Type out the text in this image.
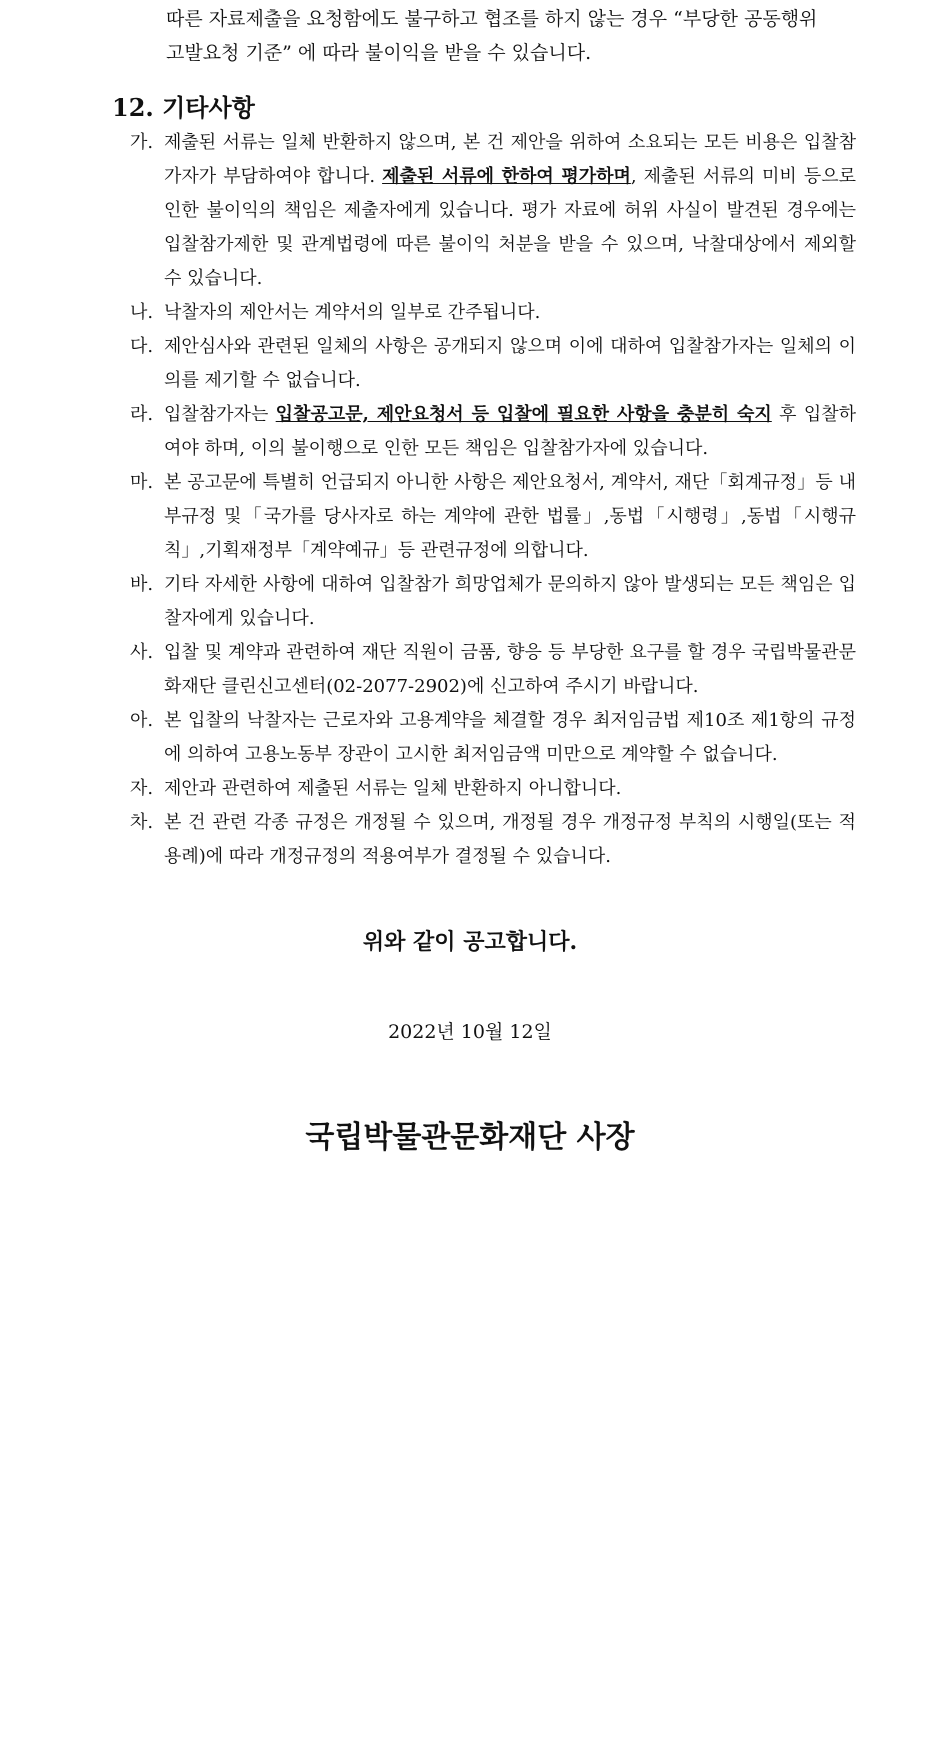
따른 자료제출을 요청함에도 불구하고 협조를 하지 않는 경우 “부당한 공동행위
고발요청 기준” 에 따라 불이익을 받을 수 있습니다.
12. 기타사항
가. 제출된 서류는 일체 반환하지 않으며, 본 건 제안을 위하여 소요되는 모든 비용은 입찰참가자가 부담하여야 합니다. 제출된 서류에 한하여 평가하며, 제출된 서류의 미비 등으로 인한 불이익의 책임은 제출자에게 있습니다. 평가 자료에 허위 사실이 발견된 경우에는 입찰참가제한 및 관계법령에 따른 불이익 처분을 받을 수 있으며, 낙찰대상에서 제외할 수 있습니다.
나. 낙찰자의 제안서는 계약서의 일부로 간주됩니다.
다. 제안심사와 관련된 일체의 사항은 공개되지 않으며 이에 대하여 입찰참가자는 일체의 이의를 제기할 수 없습니다.
라. 입찰참가자는 입찰공고문, 제안요청서 등 입찰에 필요한 사항을 충분히 숙지 후 입찰하여야 하며, 이의 불이행으로 인한 모든 책임은 입찰참가자에 있습니다.
마. 본 공고문에 특별히 언급되지 아니한 사항은 제안요청서, 계약서, 재단「회계규정」등 내부규정 및「국가를 당사자로 하는 계약에 관한 법률」,동법「시행령」,동법「시행규칙」,기획재정부「계약예규」등 관련규정에 의합니다.
바. 기타 자세한 사항에 대하여 입찰참가 희망업체가 문의하지 않아 발생되는 모든 책임은 입찰자에게 있습니다.
사. 입찰 및 계약과 관련하여 재단 직원이 금품, 향응 등 부당한 요구를 할 경우 국립박물관문화재단 클린신고센터(02-2077-2902)에 신고하여 주시기 바랍니다.
아. 본 입찰의 낙찰자는 근로자와 고용계약을 체결할 경우 최저임금법 제10조 제1항의 규정에 의하여 고용노동부 장관이 고시한 최저임금액 미만으로 계약할 수 없습니다.
자. 제안과 관련하여 제출된 서류는 일체 반환하지 아니합니다.
차. 본 건 관련 각종 규정은 개정될 수 있으며, 개정될 경우 개정규정 부칙의 시행일(또는 적용례)에 따라 개정규정의 적용여부가 결정될 수 있습니다.
위와 같이 공고합니다.
2022년 10월 12일
국립박물관문화재단 사장
